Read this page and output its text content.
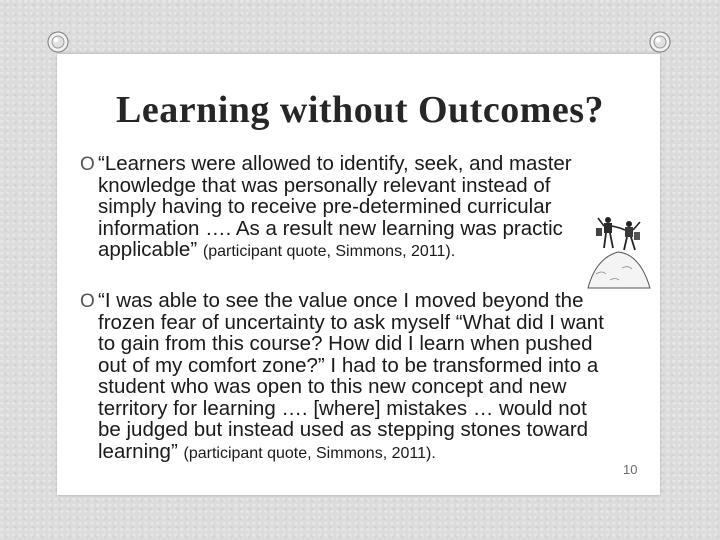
Learning without Outcomes?
O “Learners were allowed to identify, seek, and master
knowledge that was personally relevant instead of
simply having to receive pre-determined curricular
information …. As a result new learning was practic
applicable” (participant quote, Simmons, 2011).
O “I was able to see the value once I moved beyond the
frozen fear of uncertainty to ask myself “What did I want
to gain from this course? How did I learn when pushed
out of my comfort zone?” I had to be transformed into a
student who was open to this new concept and new
territory for learning …. [where] mistakes … would not
be judged but instead used as stepping stones toward
learning” (participant quote, Simmons, 2011).
10
